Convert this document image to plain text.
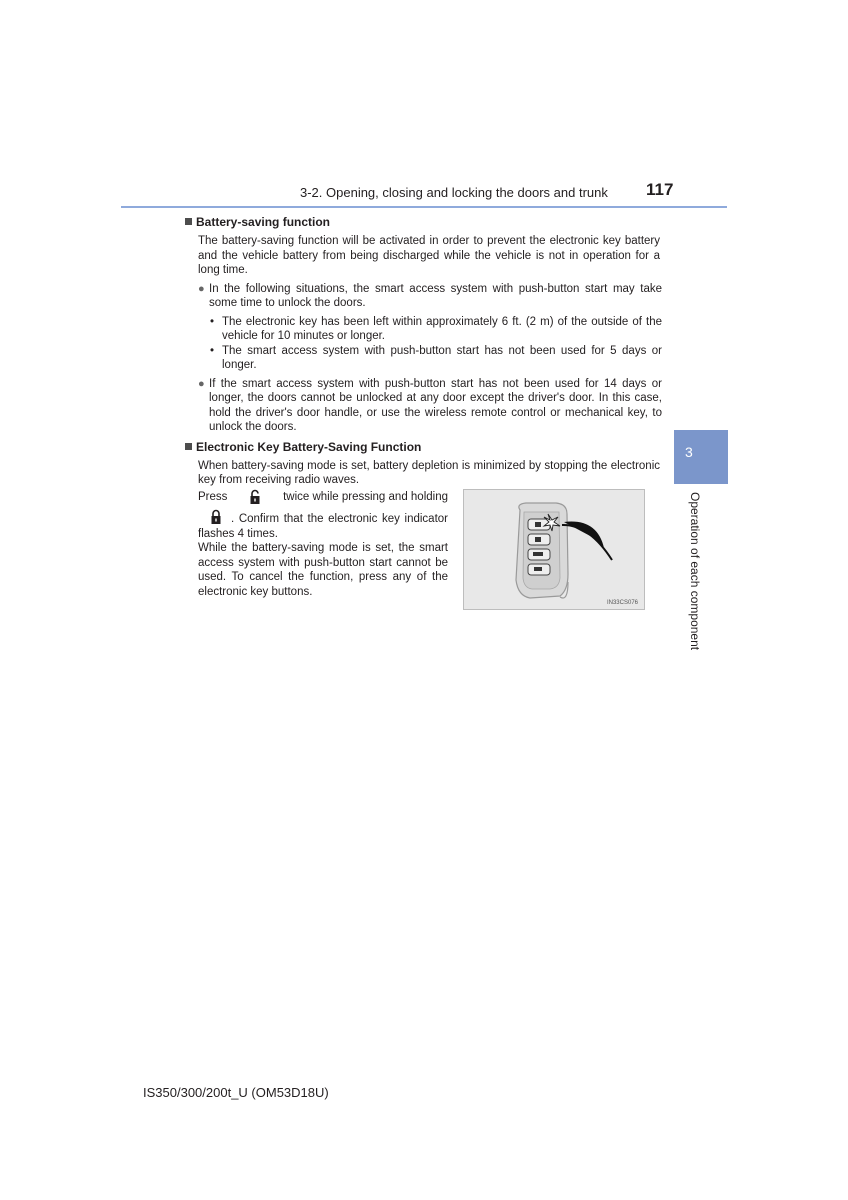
3-2. Opening, closing and locking the doors and trunk 117
Battery-saving function
The battery-saving function will be activated in order to prevent the electronic key battery and the vehicle battery from being discharged while the vehicle is not in operation for a long time.
● In the following situations, the smart access system with push-button start may take some time to unlock the doors.
• The electronic key has been left within approximately 6 ft. (2 m) of the outside of the vehicle for 10 minutes or longer.
• The smart access system with push-button start has not been used for 5 days or longer.
● If the smart access system with push-button start has not been used for 14 days or longer, the doors cannot be unlocked at any door except the driver's door. In this case, hold the driver's door handle, or use the wireless remote control or mechanical key, to unlock the doors.
Electronic Key Battery-Saving Function
When battery-saving mode is set, battery depletion is minimized by stopping the electronic key from receiving radio waves.
Press	twice while pressing and holding
. Confirm that the electronic key indicator flashes 4 times.
While the battery-saving mode is set, the smart access system with push-button start cannot be used. To cancel the function, press any of the electronic key buttons.
IN33CS076
3
Operation of each component
IS350/300/200t_U (OM53D18U)
